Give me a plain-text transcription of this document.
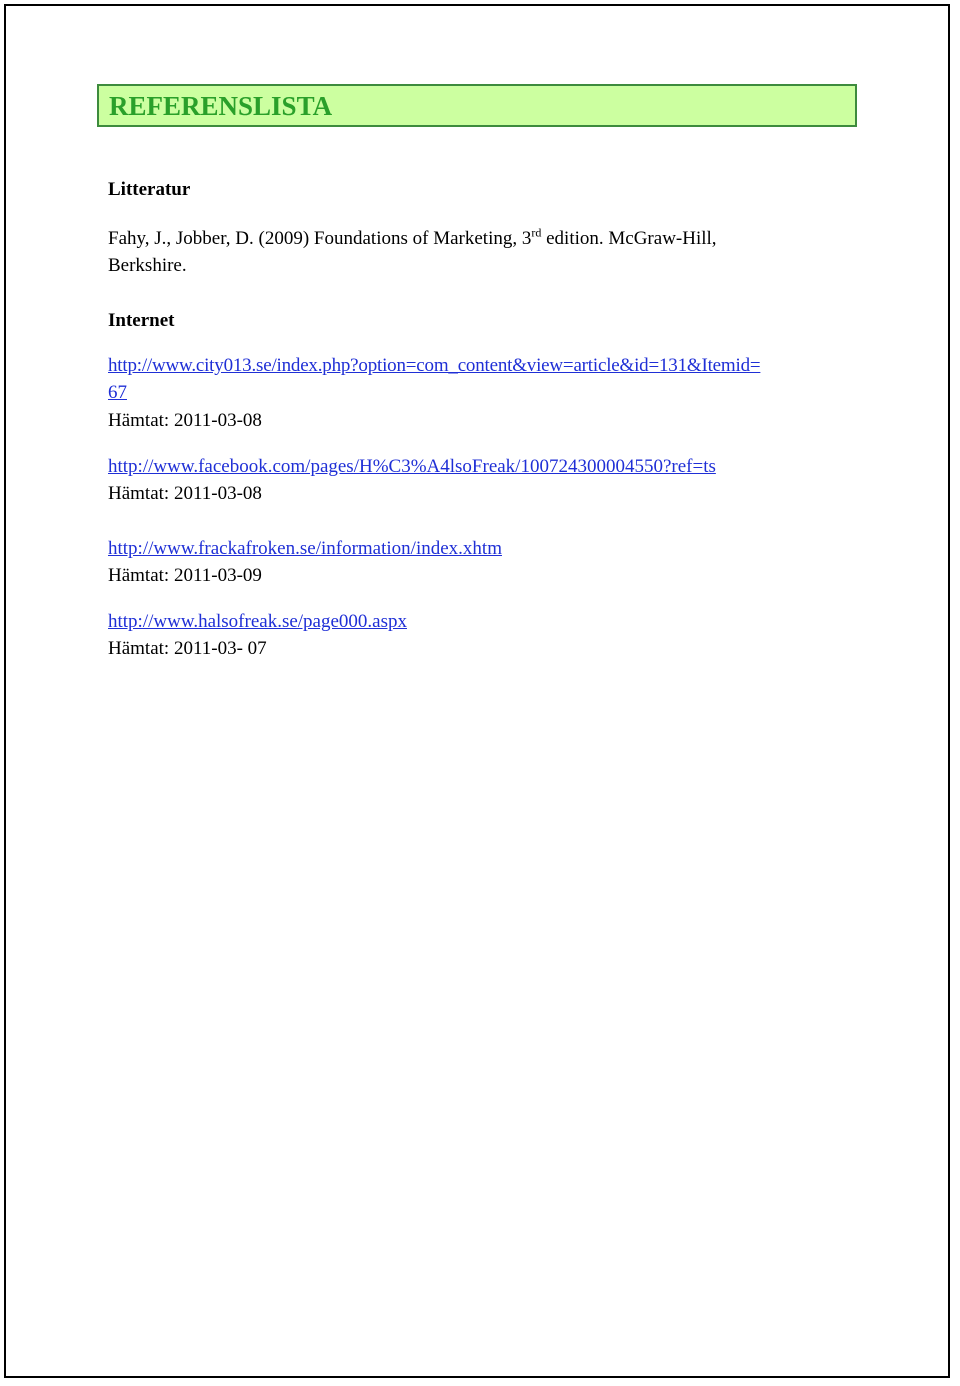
REFERENSLISTA
Litteratur
Fahy, J., Jobber, D. (2009) Foundations of Marketing, 3rd edition. McGraw-Hill,
Berkshire.
Internet
http://www.city013.se/index.php?option=com_content&view=article&id=131&Itemid=
67
Hämtat: 2011-03-08
http://www.facebook.com/pages/H%C3%A4lsoFreak/100724300004550?ref=ts
Hämtat: 2011-03-08
http://www.frackafroken.se/information/index.xhtm
Hämtat: 2011-03-09
http://www.halsofreak.se/page000.aspx
Hämtat: 2011-03- 07
